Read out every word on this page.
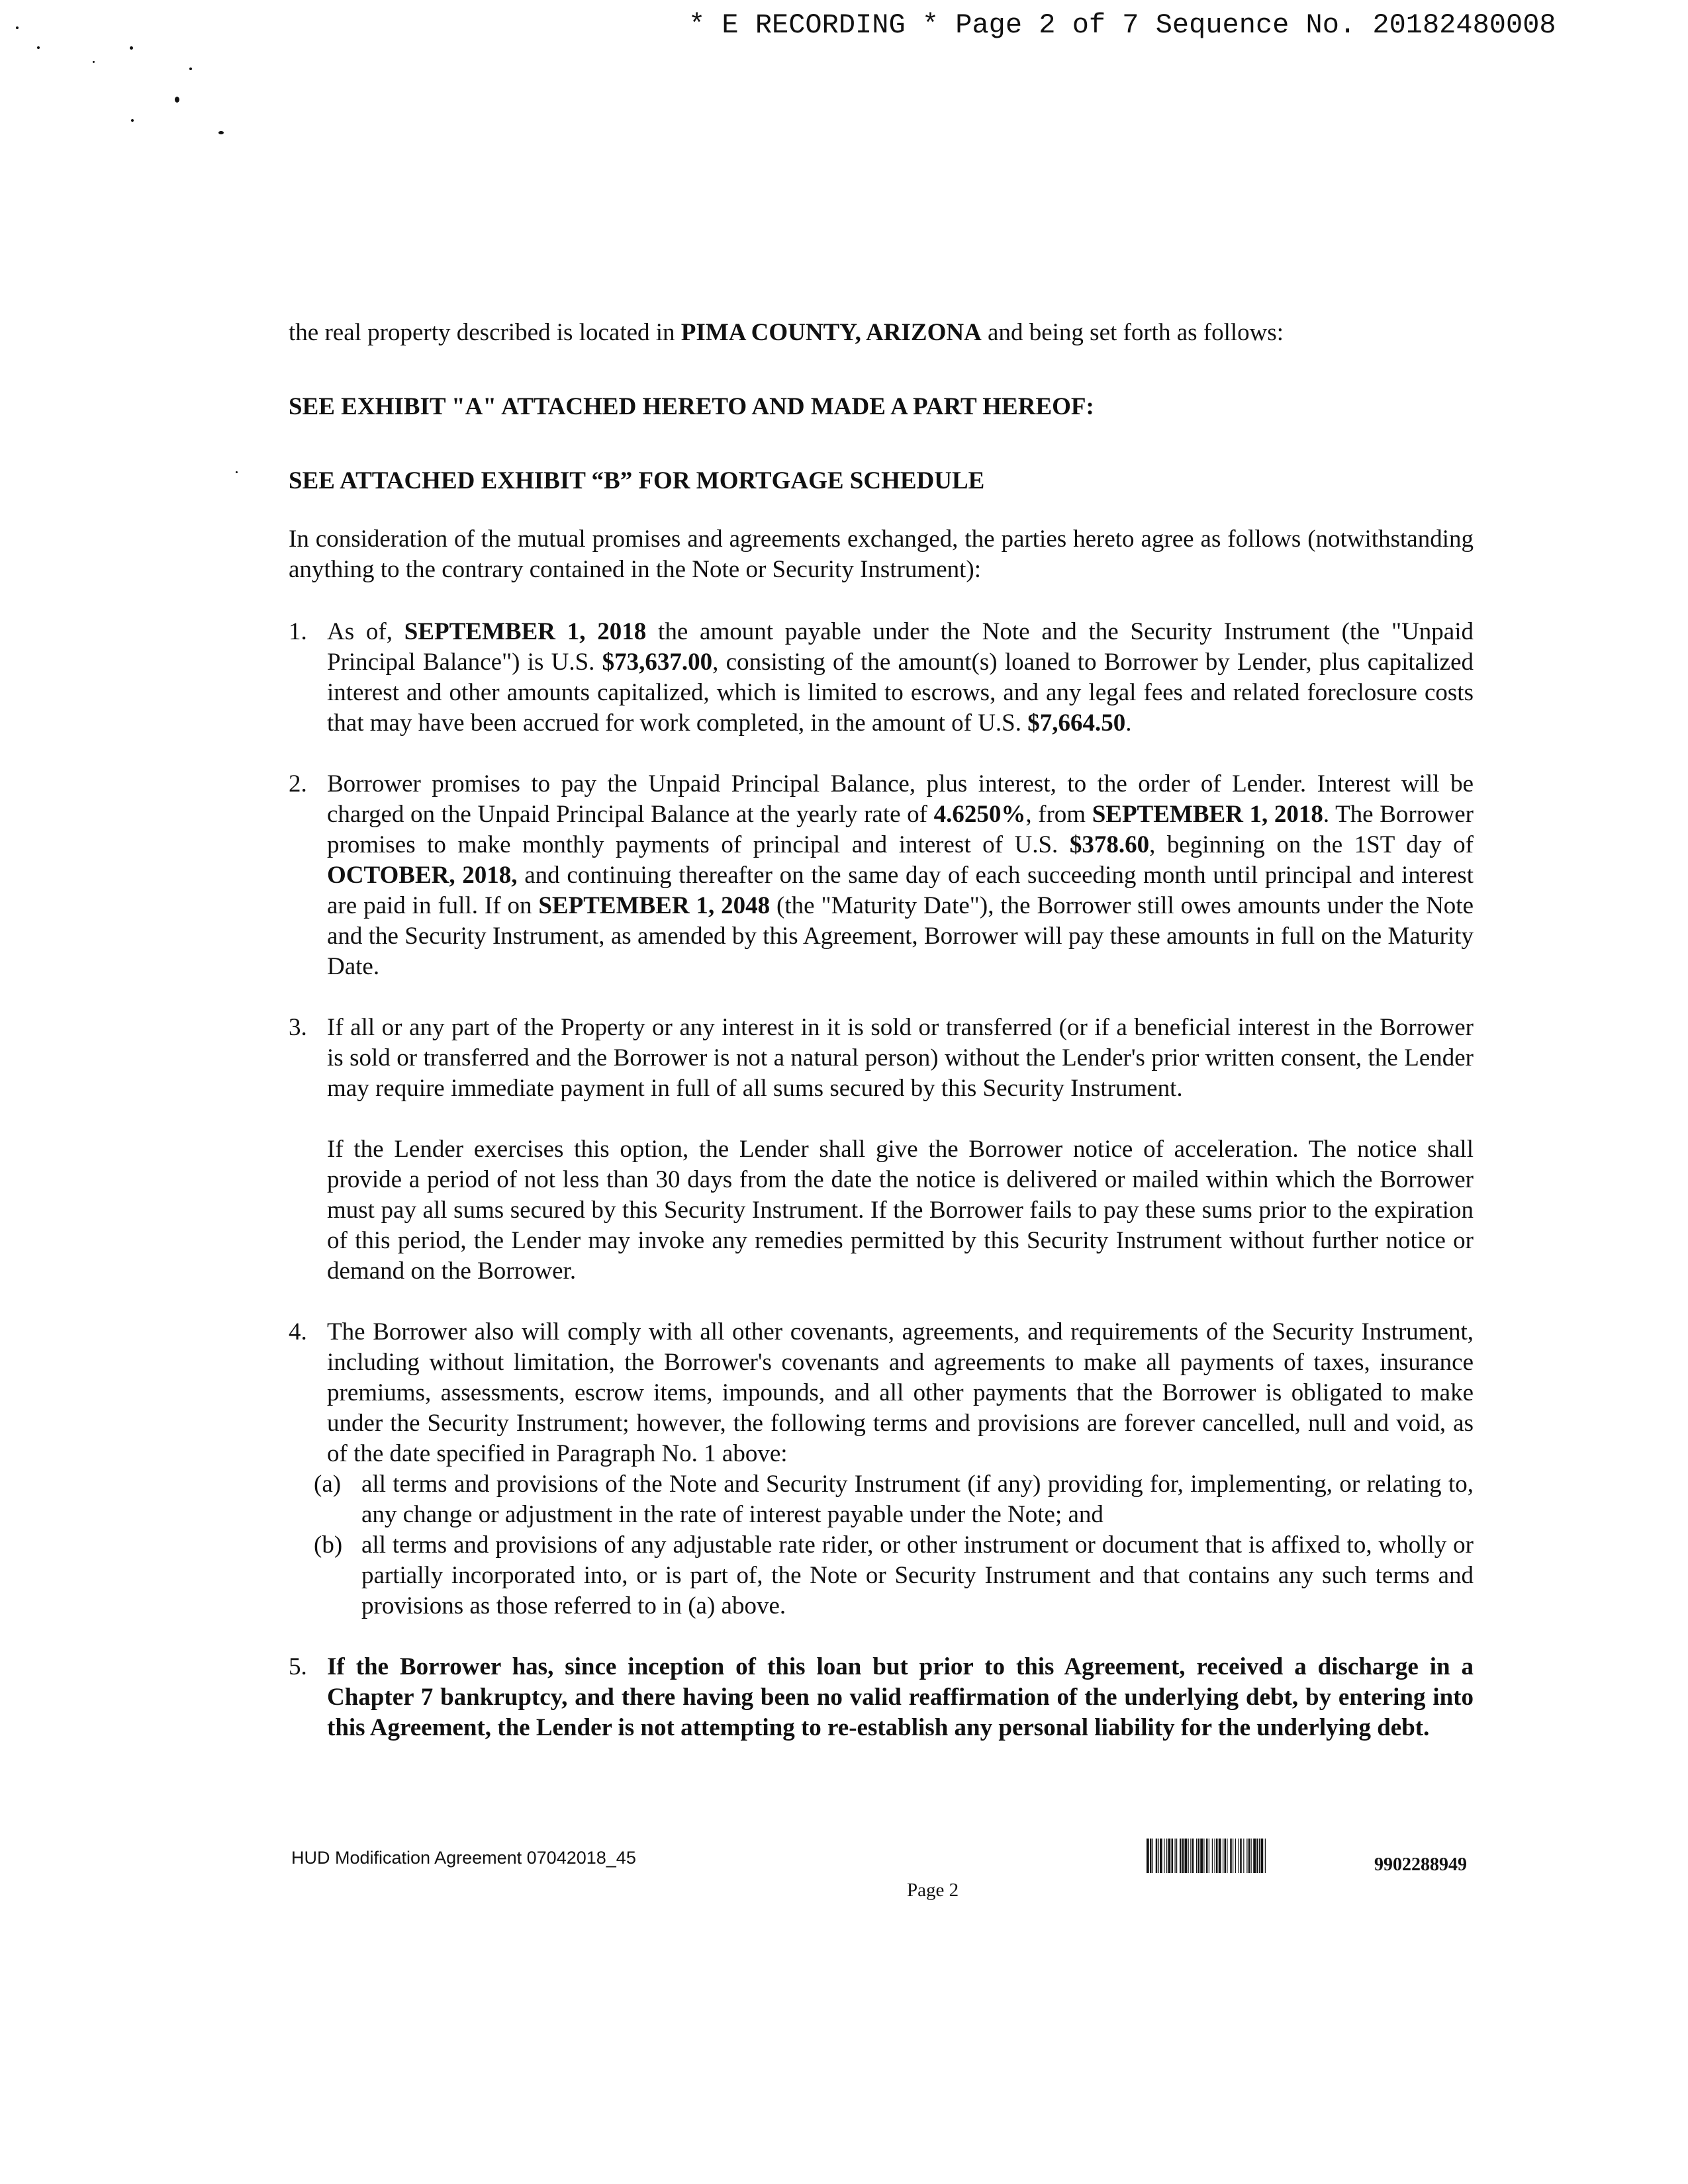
* E RECORDING * Page 2 of 7 Sequence No. 20182480008

the real property described is located in PIMA COUNTY, ARIZONA and being set forth as follows:

SEE EXHIBIT "A" ATTACHED HERETO AND MADE A PART HEREOF:

SEE ATTACHED EXHIBIT “B” FOR MORTGAGE SCHEDULE

In consideration of the mutual promises and agreements exchanged, the parties hereto agree as follows (notwithstanding anything to the contrary contained in the Note or Security Instrument):

1. As of, SEPTEMBER 1, 2018 the amount payable under the Note and the Security Instrument (the "Unpaid Principal Balance") is U.S. $73,637.00, consisting of the amount(s) loaned to Borrower by Lender, plus capitalized interest and other amounts capitalized, which is limited to escrows, and any legal fees and related foreclosure costs that may have been accrued for work completed, in the amount of U.S. $7,664.50.
2. Borrower promises to pay the Unpaid Principal Balance, plus interest, to the order of Lender. Interest will be charged on the Unpaid Principal Balance at the yearly rate of 4.6250%, from SEPTEMBER 1, 2018. The Borrower promises to make monthly payments of principal and interest of U.S. $378.60, beginning on the 1ST day of OCTOBER, 2018, and continuing thereafter on the same day of each succeeding month until principal and interest are paid in full. If on SEPTEMBER 1, 2048 (the "Maturity Date"), the Borrower still owes amounts under the Note and the Security Instrument, as amended by this Agreement, Borrower will pay these amounts in full on the Maturity Date.
3. If all or any part of the Property or any interest in it is sold or transferred (or if a beneficial interest in the Borrower is sold or transferred and the Borrower is not a natural person) without the Lender's prior written consent, the Lender may require immediate payment in full of all sums secured by this Security Instrument.
If the Lender exercises this option, the Lender shall give the Borrower notice of acceleration. The notice shall provide a period of not less than 30 days from the date the notice is delivered or mailed within which the Borrower must pay all sums secured by this Security Instrument. If the Borrower fails to pay these sums prior to the expiration of this period, the Lender may invoke any remedies permitted by this Security Instrument without further notice or demand on the Borrower.
4. The Borrower also will comply with all other covenants, agreements, and requirements of the Security Instrument, including without limitation, the Borrower's covenants and agreements to make all payments of taxes, insurance premiums, assessments, escrow items, impounds, and all other payments that the Borrower is obligated to make under the Security Instrument; however, the following terms and provisions are forever cancelled, null and void, as of the date specified in Paragraph No. 1 above:
(a) all terms and provisions of the Note and Security Instrument (if any) providing for, implementing, or relating to, any change or adjustment in the rate of interest payable under the Note; and
(b) all terms and provisions of any adjustable rate rider, or other instrument or document that is affixed to, wholly or partially incorporated into, or is part of, the Note or Security Instrument and that contains any such terms and provisions as those referred to in (a) above.
5. If the Borrower has, since inception of this loan but prior to this Agreement, received a discharge in a Chapter 7 bankruptcy, and there having been no valid reaffirmation of the underlying debt, by entering into this Agreement, the Lender is not attempting to re-establish any personal liability for the underlying debt.
HUD Modification Agreement 07042018_45	9902288949
Page 2
